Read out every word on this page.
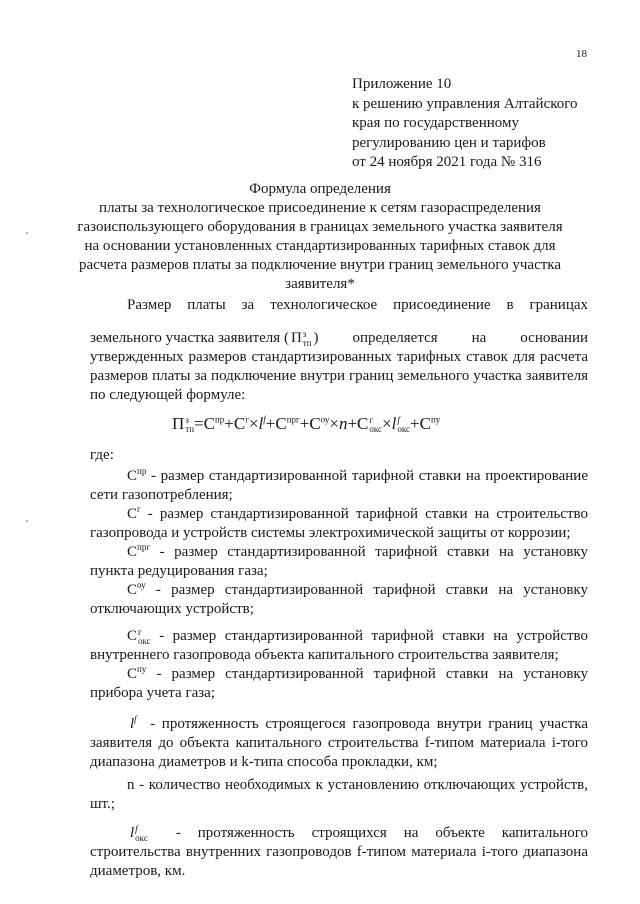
18
Приложение 10
к решению управления Алтайского
края по государственному
регулированию цен и тарифов
от 24 ноября 2021 года № 316
Формула определения
платы за технологическое присоединение к сетям газораспределения
газоиспользующего оборудования в границах земельного участка заявителя
на основании установленных стандартизированных тарифных ставок для
расчета размеров платы за подключение внутри границ земельного участка
заявителя*
Размер платы за технологическое присоединение в границах
земельного участка заявителя ( П з
тп ) определяется на основании
утвержденных размеров стандартизированных тарифных ставок для расчета
размеров платы за подключение внутри границ земельного участка заявителя
по следующей формуле:
П з
тп $=C^{пр}+C^г\times l^f+C^{прг}+C^{оу}\times n+C$ г
окс ×l f
окс $+C^{пу}$
где:
$С^{пр}$ - размер стандартизированной тарифной ставки на проектирование
сети газопотребления;
$С^г$ - размер стандартизированной тарифной ставки на строительство
газопровода и устройств системы электрохимической защиты от коррозии;
$С^{прг}$ - размер стандартизированной тарифной ставки на установку
пункта редуцирования газа;
$С^{оу}$ - размер стандартизированной тарифной ставки на установку
отключающих устройств;
С г
окс - размер стандартизированной тарифной ставки на устройство
внутреннего газопровода объекта капитального строительства заявителя;
$С^{пу}$ - размер стандартизированной тарифной ставки на установку
прибора учета газа;
$l^f$ - протяженность строящегося газопровода внутри границ участка
заявителя до объекта капитального строительства f-типом материала i-того
диапазона диаметров и k-типа способа прокладки, км;
n - количество необходимых к установлению отключающих устройств,
шт.;
l f
окс - протяженность строящихся на объекте капитального
строительства внутренних газопроводов f-типом материала i-того диапазона
диаметров, км.
